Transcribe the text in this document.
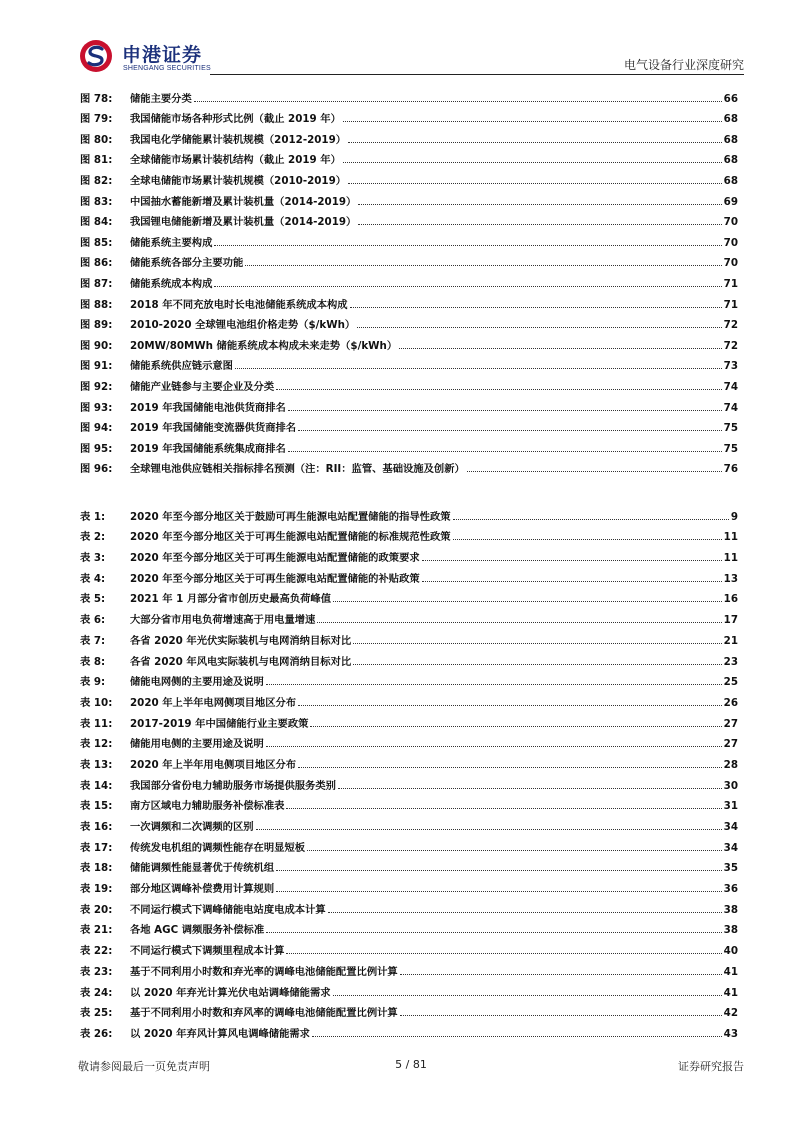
申港证券
SHENGANG SECURITIES	电气设备行业深度研究
图 78:	储能主要分类	66
图 79:	我国储能市场各种形式比例（截止 2019 年）	68
图 80:	我国电化学储能累计装机规模（2012-2019）	68
图 81:	全球储能市场累计装机结构（截止 2019 年）	68
图 82:	全球电储能市场累计装机规模（2010-2019）	68
图 83:	中国抽水蓄能新增及累计装机量（2014-2019）	69
图 84:	我国锂电储能新增及累计装机量（2014-2019）	70
图 85:	储能系统主要构成	70
图 86:	储能系统各部分主要功能	70
图 87:	储能系统成本构成	71
图 88:	2018 年不同充放电时长电池储能系统成本构成	71
图 89:	2010-2020 全球锂电池组价格走势（$/kWh）	72
图 90:	20MW/80MWh 储能系统成本构成未来走势（$/kWh）	72
图 91:	储能系统供应链示意图	73
图 92:	储能产业链参与主要企业及分类	74
图 93:	2019 年我国储能电池供货商排名	74
图 94:	2019 年我国储能变流器供货商排名	75
图 95:	2019 年我国储能系统集成商排名	75
图 96:	全球锂电池供应链相关指标排名预测（注：RII：监管、基础设施及创新）	76
表 1:	2020 年至今部分地区关于鼓励可再生能源电站配置储能的指导性政策	9
表 2:	2020 年至今部分地区关于可再生能源电站配置储能的标准规范性政策	11
表 3:	2020 年至今部分地区关于可再生能源电站配置储能的政策要求	11
表 4:	2020 年至今部分地区关于可再生能源电站配置储能的补贴政策	13
表 5:	2021 年 1 月部分省市创历史最高负荷峰值	16
表 6:	大部分省市用电负荷增速高于用电量增速	17
表 7:	各省 2020 年光伏实际装机与电网消纳目标对比	21
表 8:	各省 2020 年风电实际装机与电网消纳目标对比	23
表 9:	储能电网侧的主要用途及说明	25
表 10:	2020 年上半年电网侧项目地区分布	26
表 11:	2017-2019 年中国储能行业主要政策	27
表 12:	储能用电侧的主要用途及说明	27
表 13:	2020 年上半年用电侧项目地区分布	28
表 14:	我国部分省份电力辅助服务市场提供服务类别	30
表 15:	南方区域电力辅助服务补偿标准表	31
表 16:	一次调频和二次调频的区别	34
表 17:	传统发电机组的调频性能存在明显短板	34
表 18:	储能调频性能显著优于传统机组	35
表 19:	部分地区调峰补偿费用计算规则	36
表 20:	不同运行模式下调峰储能电站度电成本计算	38
表 21:	各地 AGC 调频服务补偿标准	38
表 22:	不同运行模式下调频里程成本计算	40
表 23:	基于不同利用小时数和弃光率的调峰电池储能配置比例计算	41
表 24:	以 2020 年弃光计算光伏电站调峰储能需求	41
表 25:	基于不同利用小时数和弃风率的调峰电池储能配置比例计算	42
表 26:	以 2020 年弃风计算风电调峰储能需求	43
敬请参阅最后一页免责声明	5 / 81	证券研究报告
